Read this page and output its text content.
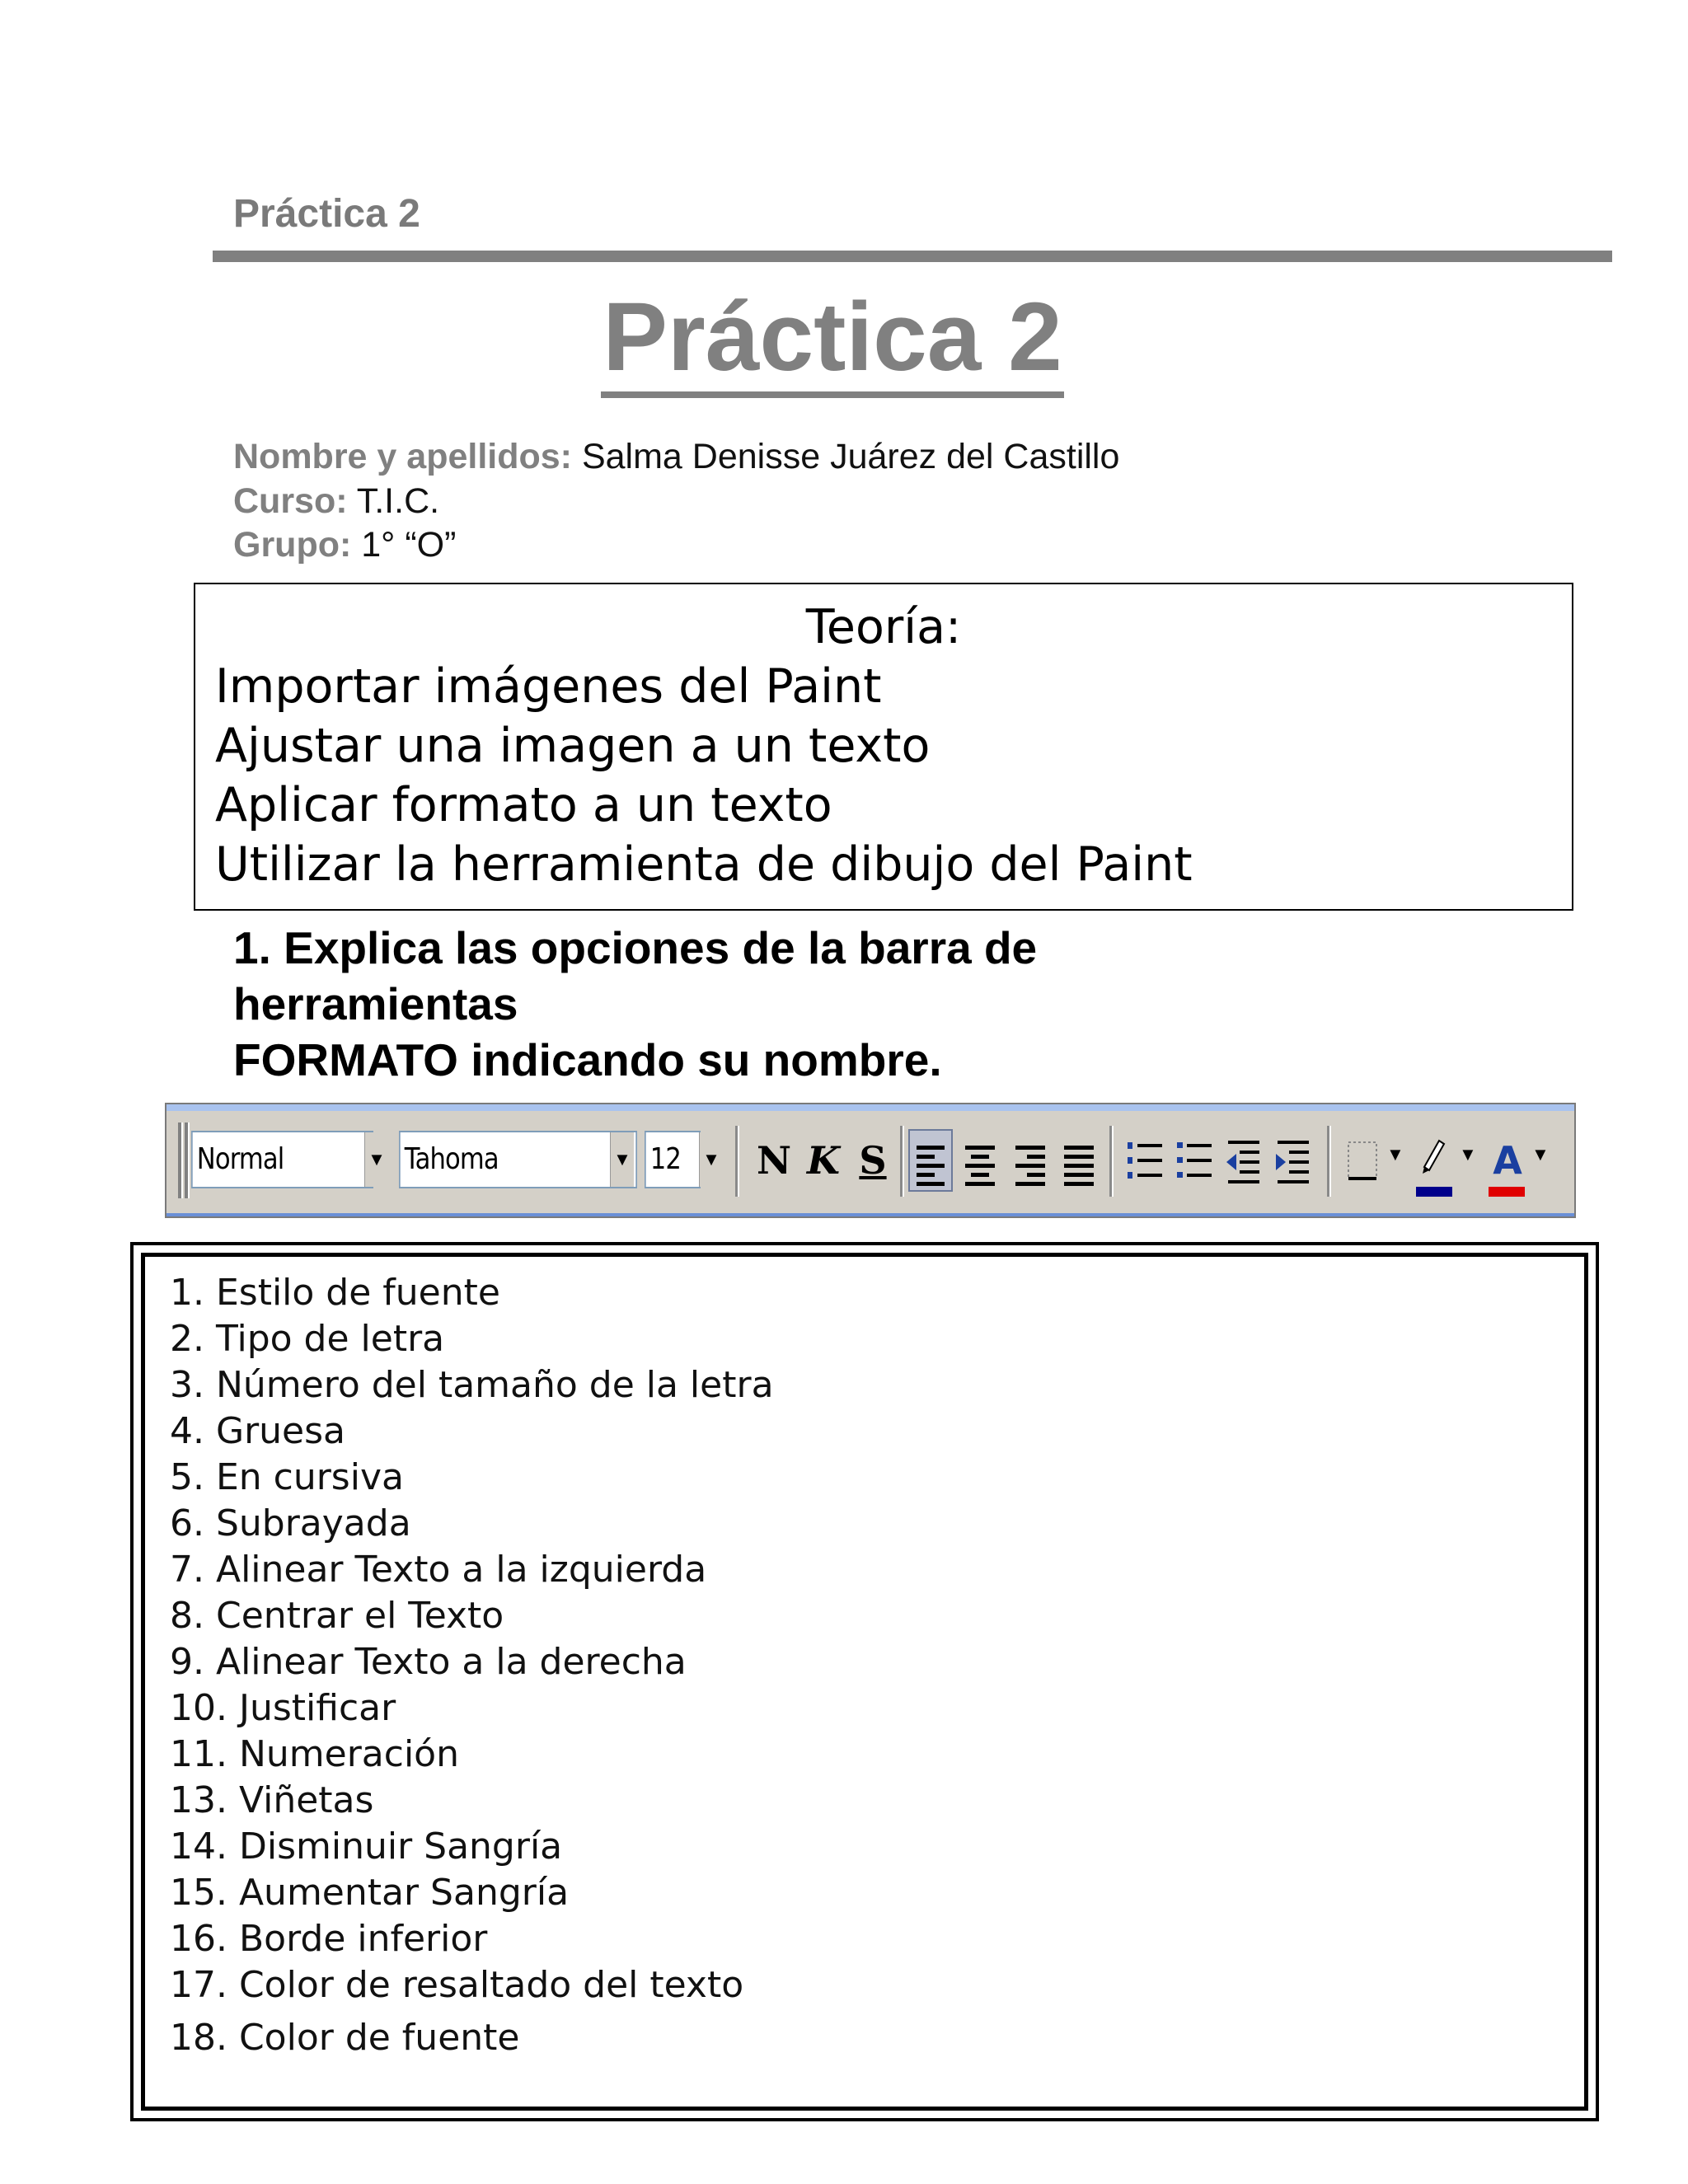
Práctica 2
Práctica 2
Nombre y apellidos: Salma Denisse Juárez del Castillo
Curso: T.I.C.
Grupo: 1° “O”
Teoría:
Importar imágenes del Paint
Ajustar una imagen a un texto
Aplicar formato a un texto
Utilizar la herramienta de dibujo del Paint
1. Explica las opciones de la barra de
herramientas
FORMATO indicando su nombre.
Normal	▼ Tahoma	▼ 12	▼ N K S	▼	▼ A ▼
1. Estilo de fuente
2. Tipo de letra
3. Número del tamaño de la letra
4. Gruesa
5. En cursiva
6. Subrayada
7. Alinear Texto a la izquierda
8. Centrar el Texto
9. Alinear Texto a la derecha
10. Justificar
11. Numeración
13. Viñetas
14. Disminuir Sangría
15. Aumentar Sangría
16. Borde inferior
17. Color de resaltado del texto
18. Color de fuente
